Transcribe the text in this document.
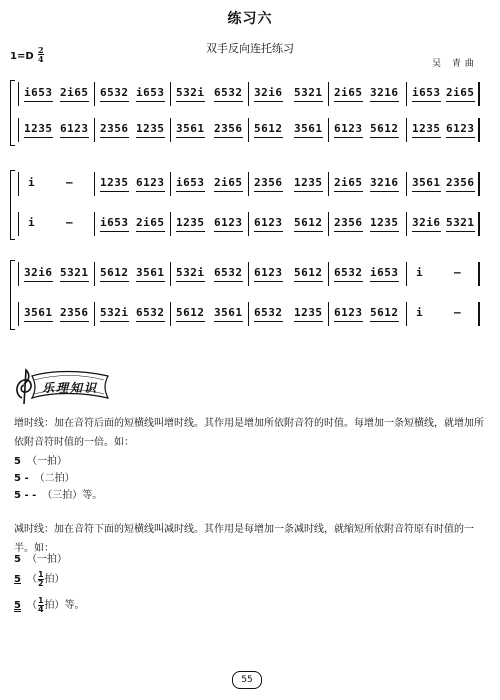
练习六
双手反向连托练习
1=D
2
4	吴 青曲
i653 2i65 6532 i653 532i 6532 32i6 5321 2i65 3216 i653 2i65
1235 6123 2356 1235 3561 2356 5612 3561 6123 5612 1235 6123
i	– 1235 6123 i653 2i65 2356 1235 2i65 3216 3561 2356
i	– i653 2i65 1235 6123 6123 5612 2356 1235 32i6 5321
32i6 5321 5612 3561 532i 6532 6123 5612 6532 i653 i	–
3561 2356 532i 6532 5612 3561 6532 1235 6123 5612 i	–
乐理知识
增时线：加在音符后面的短横线叫增时线。其作用是增加所依附音符的时值。每增加一条短横线，就增加所依附音符时值的一倍。如：
5 （一拍）
5 - （二拍）
5 - - （三拍）等。
减时线：加在音符下面的短横线叫减时线。其作用是每增加一条减时线，就缩短所依附音符原有时值的一半。如：
5 （一拍）
5 （ $\frac{1}{2}$ 拍）
5 （ $\frac{1}{4}$ 拍）等。
55
